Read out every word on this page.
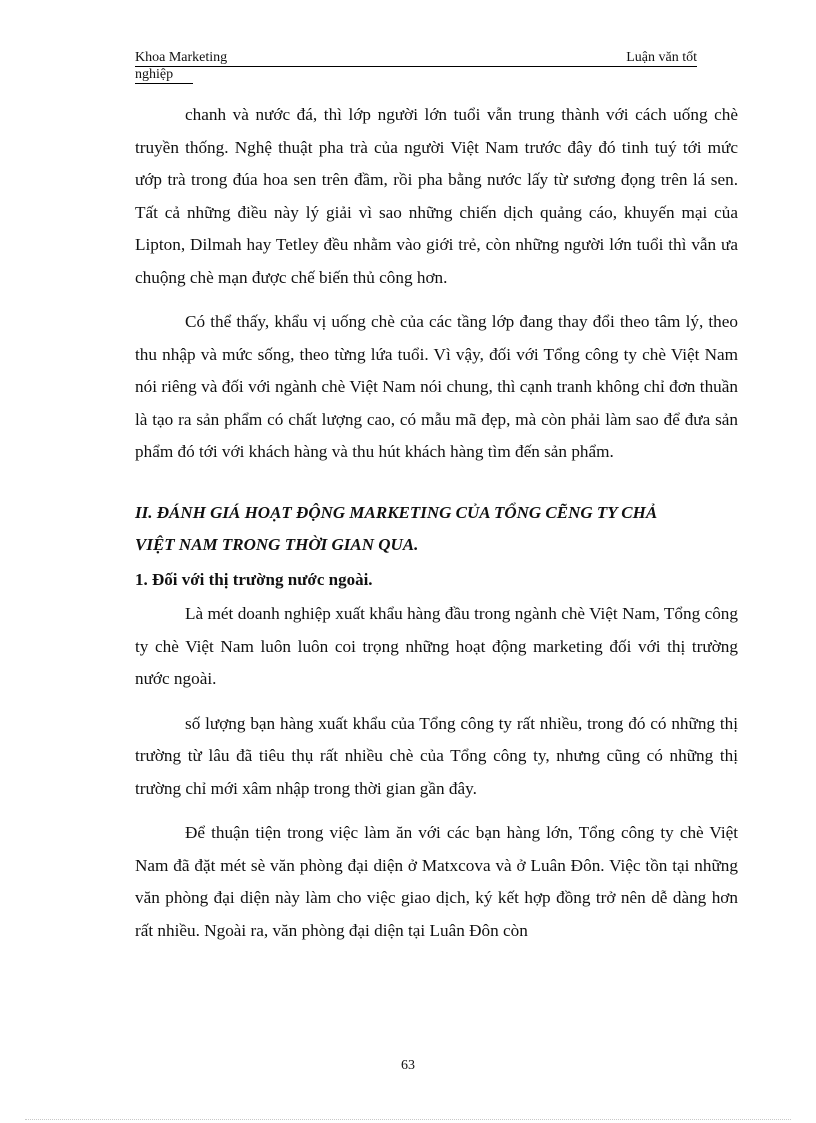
Khoa Marketing	Luận văn tốt
nghiệp

chanh và nước đá, thì lớp người lớn tuổi vẫn trung thành với cách uống chè truyền thống. Nghệ thuật pha trà của người Việt Nam trước đây đó tinh tuý tới mức ướp trà trong đúa hoa sen trên đầm, rồi pha bằng nước lấy từ sương đọng trên lá sen. Tất cả những điều này lý giải vì sao những chiến dịch quảng cáo, khuyến mại của Lipton, Dilmah hay Tetley đều nhằm vào giới trẻ, còn những người lớn tuổi thì vẫn ưa chuộng chè mạn được chế biến thủ công hơn.

Có thể thấy, khẩu vị uống chè của các tầng lớp đang thay đổi theo tâm lý, theo thu nhập và mức sống, theo từng lứa tuổi. Vì vậy, đối với Tổng công ty chè Việt Nam nói riêng và đối với ngành chè Việt Nam nói chung, thì cạnh tranh không chỉ đơn thuần là tạo ra sản phẩm có chất lượng cao, có mẫu mã đẹp, mà còn phải làm sao để đưa sản phẩm đó tới với khách hàng và thu hút khách hàng tìm đến sản phẩm.

II. ĐÁNH GIÁ HOẠT ĐỘNG MARKETING CỦA TỔNG CẼNG TY CHẢ
VIỆT NAM TRONG THỜI GIAN QUA.

1. Đối với thị trường nước ngoài.

Là mét doanh nghiệp xuất khẩu hàng đầu trong ngành chè Việt Nam, Tổng công ty chè Việt Nam luôn luôn coi trọng những hoạt động marketing đối với thị trường nước ngoài.

số lượng bạn hàng xuất khẩu của Tổng công ty rất nhiều, trong đó có những thị trường từ lâu đã tiêu thụ rất nhiều chè của Tổng công ty, nhưng cũng có những thị trường chỉ mới xâm nhập trong thời gian gần đây.

Để thuận tiện trong việc làm ăn với các bạn hàng lớn, Tổng công ty chè Việt Nam đã đặt mét sè văn phòng đại diện ở Matxcova và ở Luân Đôn. Việc tồn tại những văn phòng đại diện này làm cho việc giao dịch, ký kết hợp đồng trở nên dễ dàng hơn rất nhiều. Ngoài ra, văn phòng đại diện tại Luân Đôn còn

63
